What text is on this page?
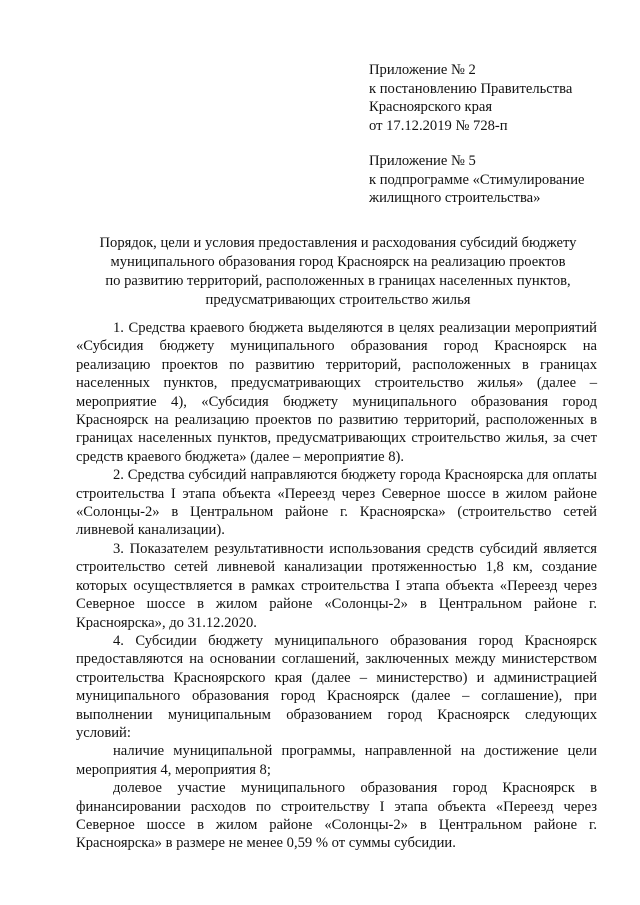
Приложение № 2
к постановлению Правительства
Красноярского края
от 17.12.2019 № 728-п
Приложение № 5
к подпрограмме «Стимулирование
жилищного строительства»
Порядок, цели и условия предоставления и расходования субсидий бюджету
муниципального образования город Красноярск на реализацию проектов
по развитию территорий, расположенных в границах населенных пунктов,
предусматривающих строительство жилья

1. Средства краевого бюджета выделяются в целях реализации мероприятий «Субсидия бюджету муниципального образования город Красноярск на реализацию проектов по развитию территорий, расположенных в границах населенных пунктов, предусматривающих строительство жилья» (далее – мероприятие 4), «Субсидия бюджету муниципального образования город Красноярск на реализацию проектов по развитию территорий, расположенных в границах населенных пунктов, предусматривающих строительство жилья, за счет средств краевого бюджета» (далее – мероприятие 8).

2. Средства субсидий направляются бюджету города Красноярска для оплаты строительства I этапа объекта «Переезд через Северное шоссе в жилом районе «Солонцы-2» в Центральном районе г. Красноярска» (строительство сетей ливневой канализации).

3. Показателем результативности использования средств субсидий является строительство сетей ливневой канализации протяженностью 1,8 км, создание которых осуществляется в рамках строительства I этапа объекта «Переезд через Северное шоссе в жилом районе «Солонцы-2» в Центральном районе г. Красноярска», до 31.12.2020.

4. Субсидии бюджету муниципального образования город Красноярск предоставляются на основании соглашений, заключенных между министерством строительства Красноярского края (далее – министерство) и администрацией муниципального образования город Красноярск (далее – соглашение), при выполнении муниципальным образованием город Красноярск следующих условий:

наличие муниципальной программы, направленной на достижение цели мероприятия 4, мероприятия 8;

долевое участие муниципального образования город Красноярск в финансировании расходов по строительству I этапа объекта «Переезд через Северное шоссе в жилом районе «Солонцы-2» в Центральном районе г. Красноярска» в размере не менее 0,59 % от суммы субсидии.
